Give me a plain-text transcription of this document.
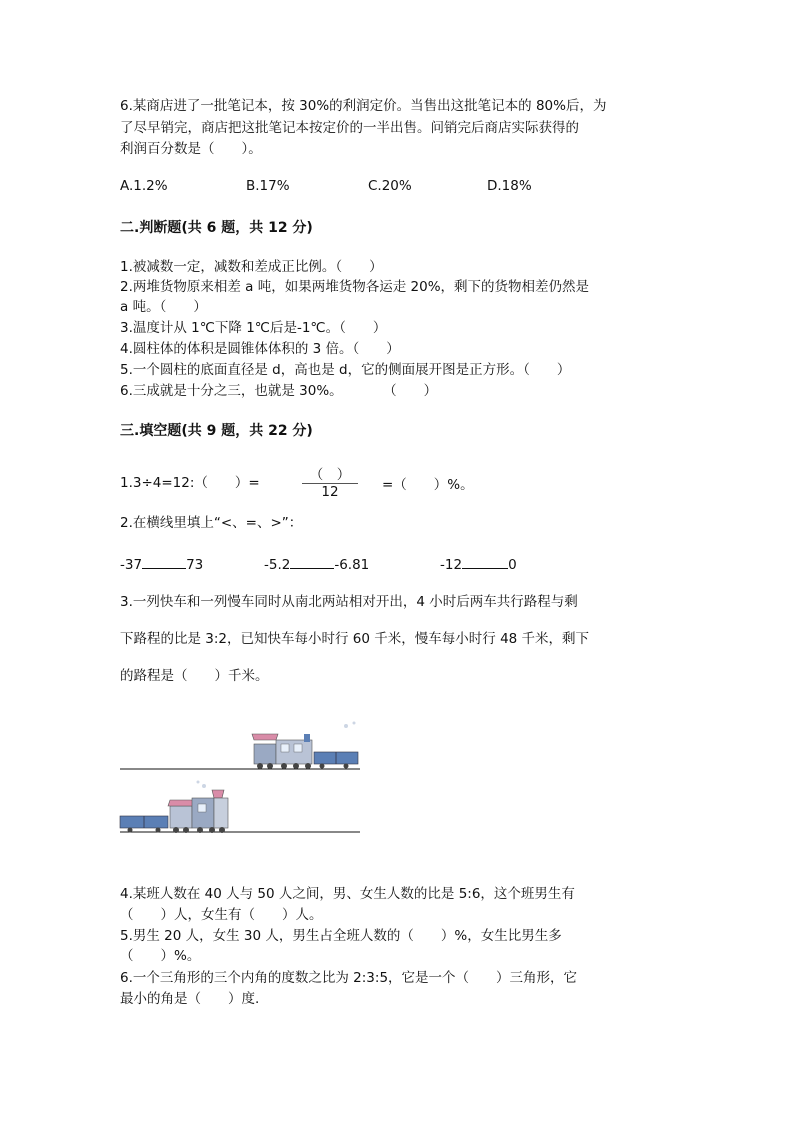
6.某商店进了一批笔记本，按 30%的利润定价。当售出这批笔记本的 80%后，为
了尽早销完，商店把这批笔记本按定价的一半出售。问销完后商店实际获得的
利润百分数是（　　）。
A.1.2%	B.17%	C.20%	D.18%
二.判断题(共 6 题，共 12 分)
1.被减数一定，减数和差成正比例。（　　）
2.两堆货物原来相差 a 吨，如果两堆货物各运走 20%，剩下的货物相差仍然是
a 吨。（　　）
3.温度计从 1℃下降 1℃后是-1℃。（　　）
4.圆柱体的体积是圆锥体体积的 3 倍。（　　）
5.一个圆柱的底面直径是 d，高也是 d，它的侧面展开图是正方形。（　　）
6.三成就是十分之三，也就是 30%。　　　　（　　）
三.填空题(共 9 题，共 22 分)
1.3÷4=12:（　　）=	（　）
12	=（　　）%。
2.在横线里填上“<、=、>”：
-37	73	-5.2	-6.81	-12	0
3.一列快车和一列慢车同时从南北两站相对开出，4 小时后两车共行路程与剩
下路程的比是 3:2，已知快车每小时行 60 千米，慢车每小时行 48 千米，剩下
的路程是（　　）千米。
4.某班人数在 40 人与 50 人之间，男、女生人数的比是 5:6，这个班男生有
（　　）人，女生有（　　）人。
5.男生 20 人，女生 30 人，男生占全班人数的（　　）%，女生比男生多
（　　）%。
6.一个三角形的三个内角的度数之比为 2:3:5，它是一个（　　）三角形，它
最小的角是（　　）度.
